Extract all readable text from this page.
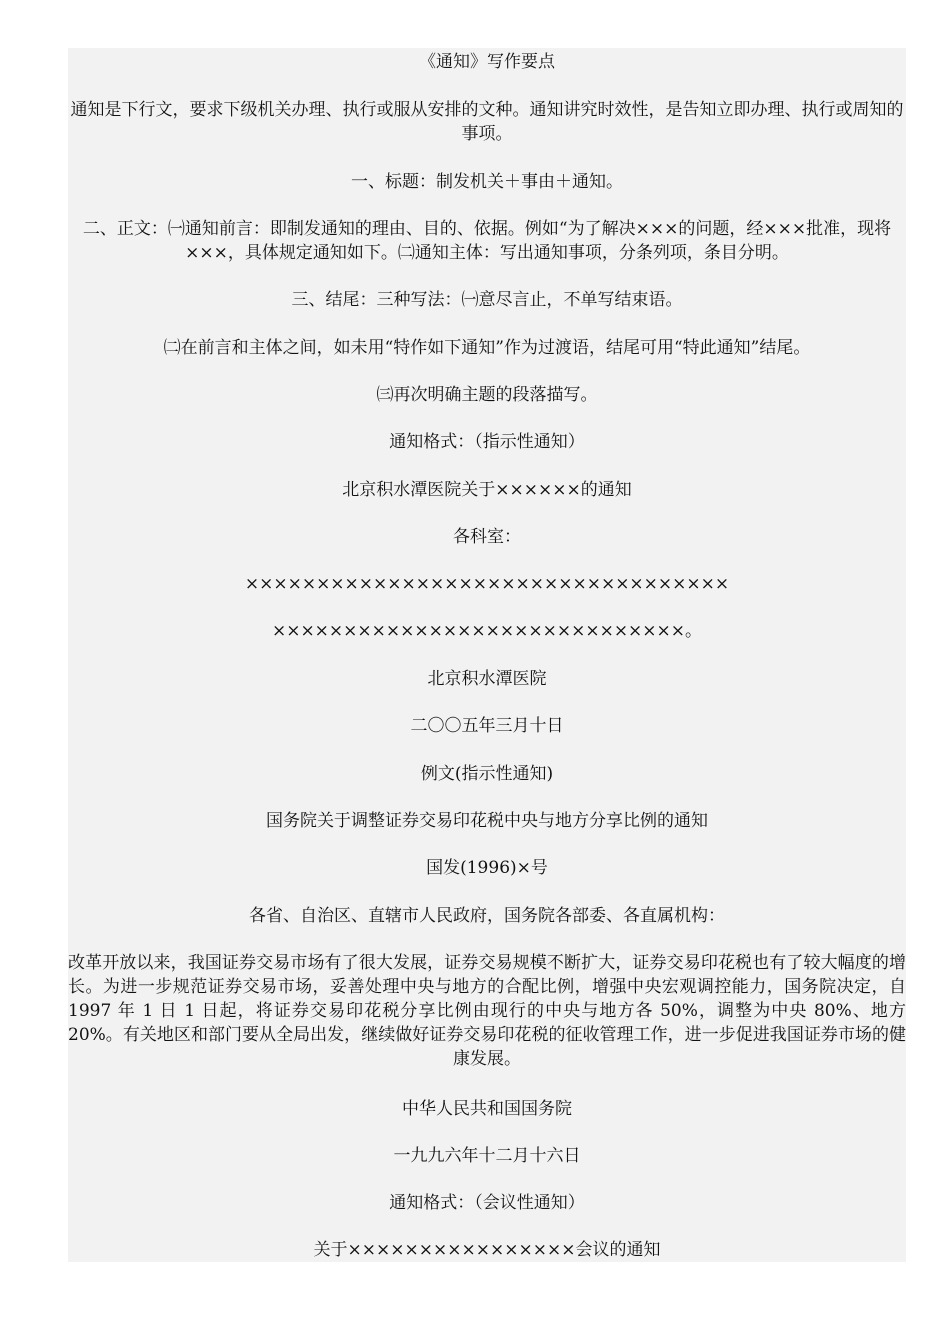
《通知》写作要点

通知是下行文，要求下级机关办理、执行或服从安排的文种。通知讲究时效性，是告知立即办理、执行或周知的事项。

一、标题：制发机关＋事由＋通知。

二、正文：㈠通知前言：即制发通知的理由、目的、依据。例如“为了解决×××的问题，经×××批准，现将×××，具体规定通知如下。㈡通知主体：写出通知事项，分条列项，条目分明。

三、结尾：三种写法：㈠意尽言止，不单写结束语。

㈡在前言和主体之间，如未用“特作如下通知”作为过渡语，结尾可用“特此通知”结尾。

㈢再次明确主题的段落描写。

通知格式：（指示性通知）

北京积水潭医院关于××××××的通知

各科室：

××××××××××××××××××××××××××××××××××

×××××××××××××××××××××××××××××。

北京积水潭医院

二〇〇五年三月十日

例文(指示性通知)

国务院关于调整证券交易印花税中央与地方分享比例的通知

国发(1996)×号

各省、自治区、直辖市人民政府，国务院各部委、各直属机构：

改革开放以来，我国证券交易市场有了很大发展，证券交易规模不断扩大，证券交易印花税也有了较大幅度的增长。为进一步规范证券交易市场，妥善处理中央与地方的合配比例，增强中央宏观调控能力，国务院决定，自 1997 年 1 日 1 日起，将证券交易印花税分享比例由现行的中央与地方各 50%，调整为中央 80%、地方 20%。有关地区和部门要从全局出发，继续做好证券交易印花税的征收管理工作，进一步促进我国证券市场的健康发展。

中华人民共和国国务院

一九九六年十二月十六日

通知格式：（会议性通知）

关于××××××××××××××××会议的通知
